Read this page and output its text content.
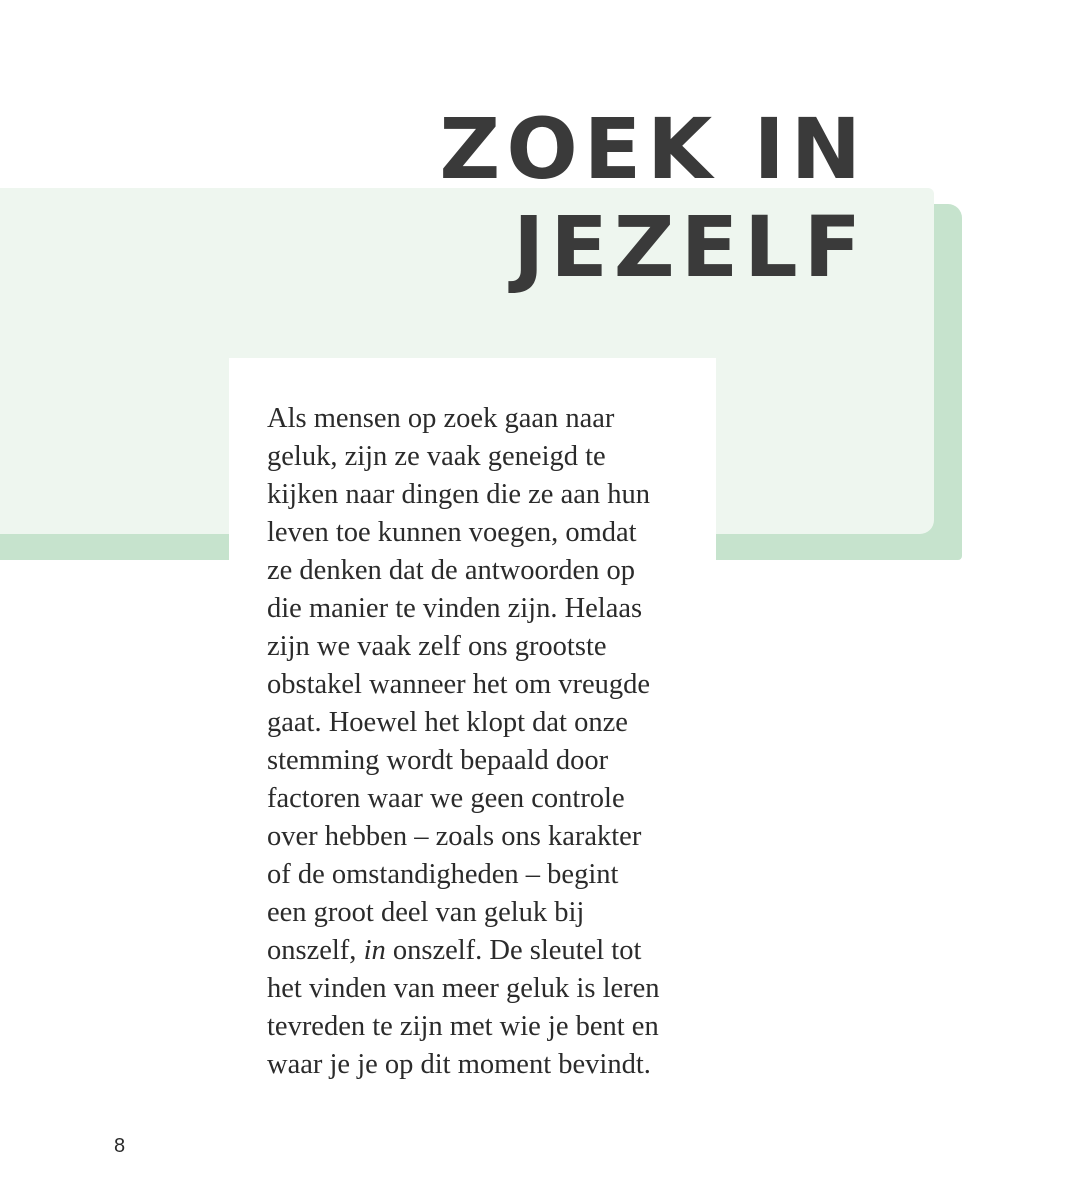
ZOEK IN
JEZELF

Als mensen op zoek gaan naar
geluk, zijn ze vaak geneigd te
kijken naar dingen die ze aan hun
leven toe kunnen voegen, omdat
ze denken dat de antwoorden op
die manier te vinden zijn. Helaas
zijn we vaak zelf ons grootste
obstakel wanneer het om vreugde
gaat. Hoewel het klopt dat onze
stemming wordt bepaald door
factoren waar we geen controle
over hebben – zoals ons karakter
of de omstandigheden – begint
een groot deel van geluk bij
onszelf, in onszelf. De sleutel tot
het vinden van meer geluk is leren
tevreden te zijn met wie je bent en
waar je je op dit moment bevindt.

8
